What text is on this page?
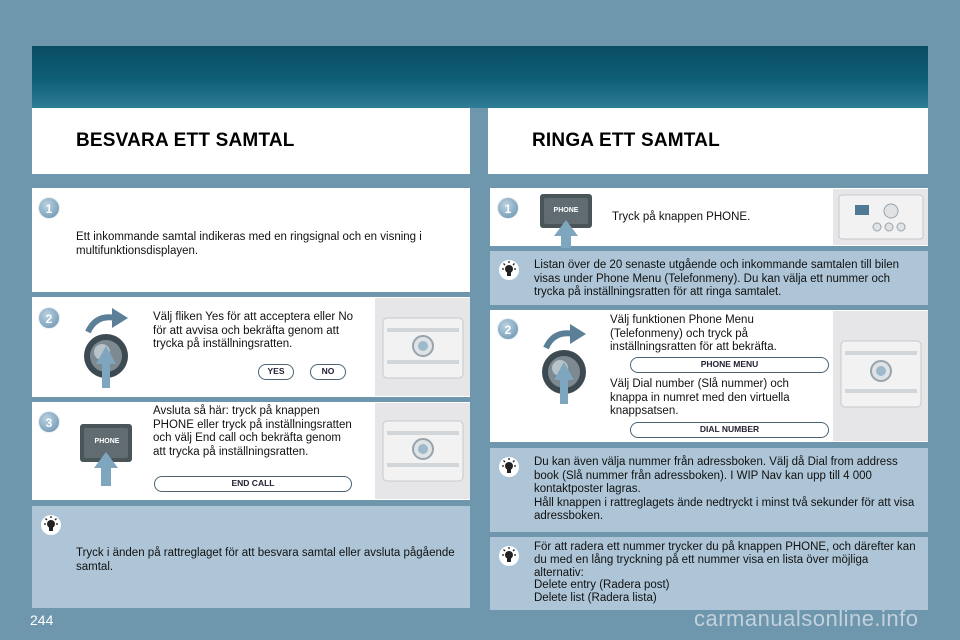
BESVARA ETT SAMTAL	RINGA ETT SAMTAL
1
Ett inkommande samtal indikeras med en ringsignal och en visning i multifunktionsdisplayen.
2	Välj fliken Yes för att acceptera eller No för att avvisa och bekräfta genom att trycka på inställningsratten.
YES	NO
3
PHONE
Avsluta så här: tryck på knappen PHONE eller tryck på inställningsratten och välj End call och bekräfta genom att trycka på inställningsratten.
END CALL
Tryck i änden på rattreglaget för att besvara samtal eller avsluta pågående samtal.
1	PHONE
Tryck på knappen PHONE.
Listan över de 20 senaste utgående och inkommande samtalen till bilen visas under Phone Menu (Telefonmeny). Du kan välja ett nummer och trycka på inställningsratten för att ringa samtalet.
2
Välj funktionen Phone Menu (Telefonmeny) och tryck på inställningsratten för att bekräfta.
PHONE MENU
Välj Dial number (Slå nummer) och knappa in numret med den virtuella knappsatsen.
DIAL NUMBER
Du kan även välja nummer från adressboken. Välj då Dial from address book (Slå nummer från adressboken). I WIP Nav kan upp till 4 000 kontaktposter lagras.
Håll knappen i rattreglagets ände nedtryckt i minst två sekunder för att visa adressboken.
För att radera ett nummer trycker du på knappen PHONE, och därefter kan du med en lång tryckning på ett nummer visa en lista över möjliga alternativ:
Delete entry (Radera post)
Delete list (Radera lista)
244	carmanualsonline.info
